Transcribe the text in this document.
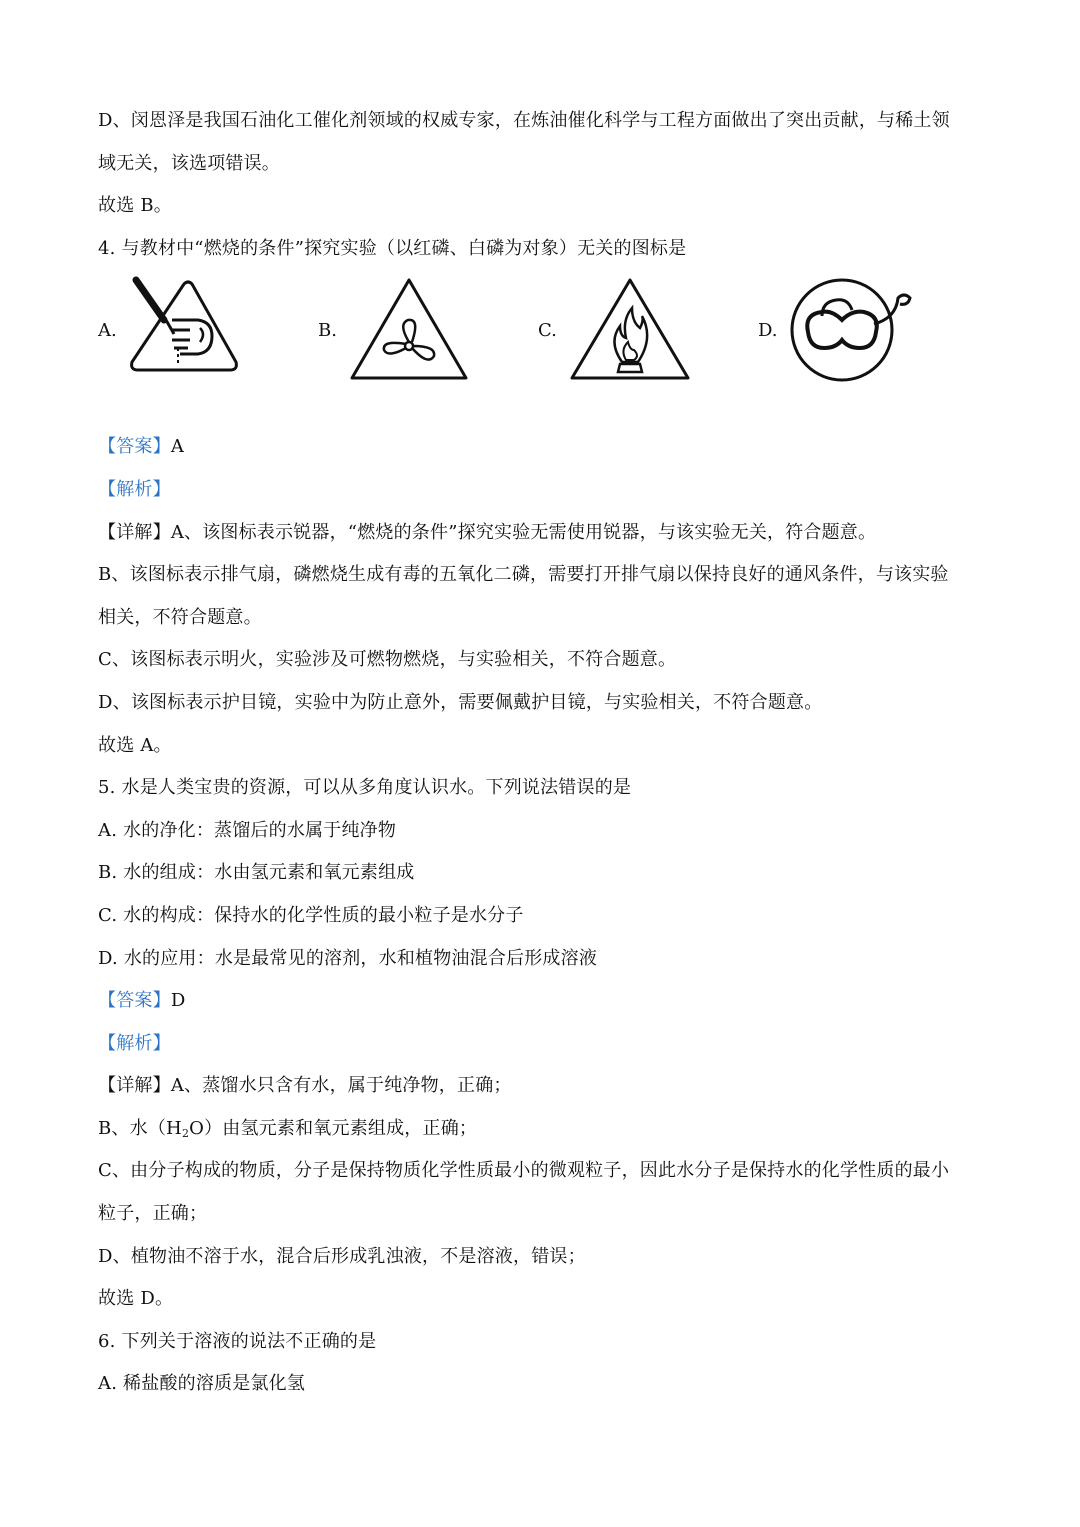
D、闵恩泽是我国石油化工催化剂领域的权威专家，在炼油催化科学与工程方面做出了突出贡献，与稀土领
域无关，该选项错误。
故选 B。
4. 与教材中“燃烧的条件”探究实验（以红磷、白磷为对象）无关的图标是
A.	B.	C.	D.
【答案】A
【解析】
【详解】A、该图标表示锐器，“燃烧的条件”探究实验无需使用锐器，与该实验无关，符合题意。
B、该图标表示排气扇，磷燃烧生成有毒的五氧化二磷，需要打开排气扇以保持良好的通风条件，与该实验
相关，不符合题意。
C、该图标表示明火，实验涉及可燃物燃烧，与实验相关，不符合题意。
D、该图标表示护目镜，实验中为防止意外，需要佩戴护目镜，与实验相关，不符合题意。
故选 A。
5. 水是人类宝贵的资源，可以从多角度认识水。下列说法错误的是
A. 水的净化：蒸馏后的水属于纯净物
B. 水的组成：水由氢元素和氧元素组成
C. 水的构成：保持水的化学性质的最小粒子是水分子
D. 水的应用：水是最常见的溶剂，水和植物油混合后形成溶液
【答案】D
【解析】
【详解】A、蒸馏水只含有水，属于纯净物，正确；
B、水$(H_2O)$由氢元素和氧元素组成，正确；
C、由分子构成的物质，分子是保持物质化学性质最小的微观粒子，因此水分子是保持水的化学性质的最小
粒子，正确；
D、植物油不溶于水，混合后形成乳浊液，不是溶液，错误；
故选 D。
6. 下列关于溶液的说法不正确的是
A. 稀盐酸的溶质是氯化氢
